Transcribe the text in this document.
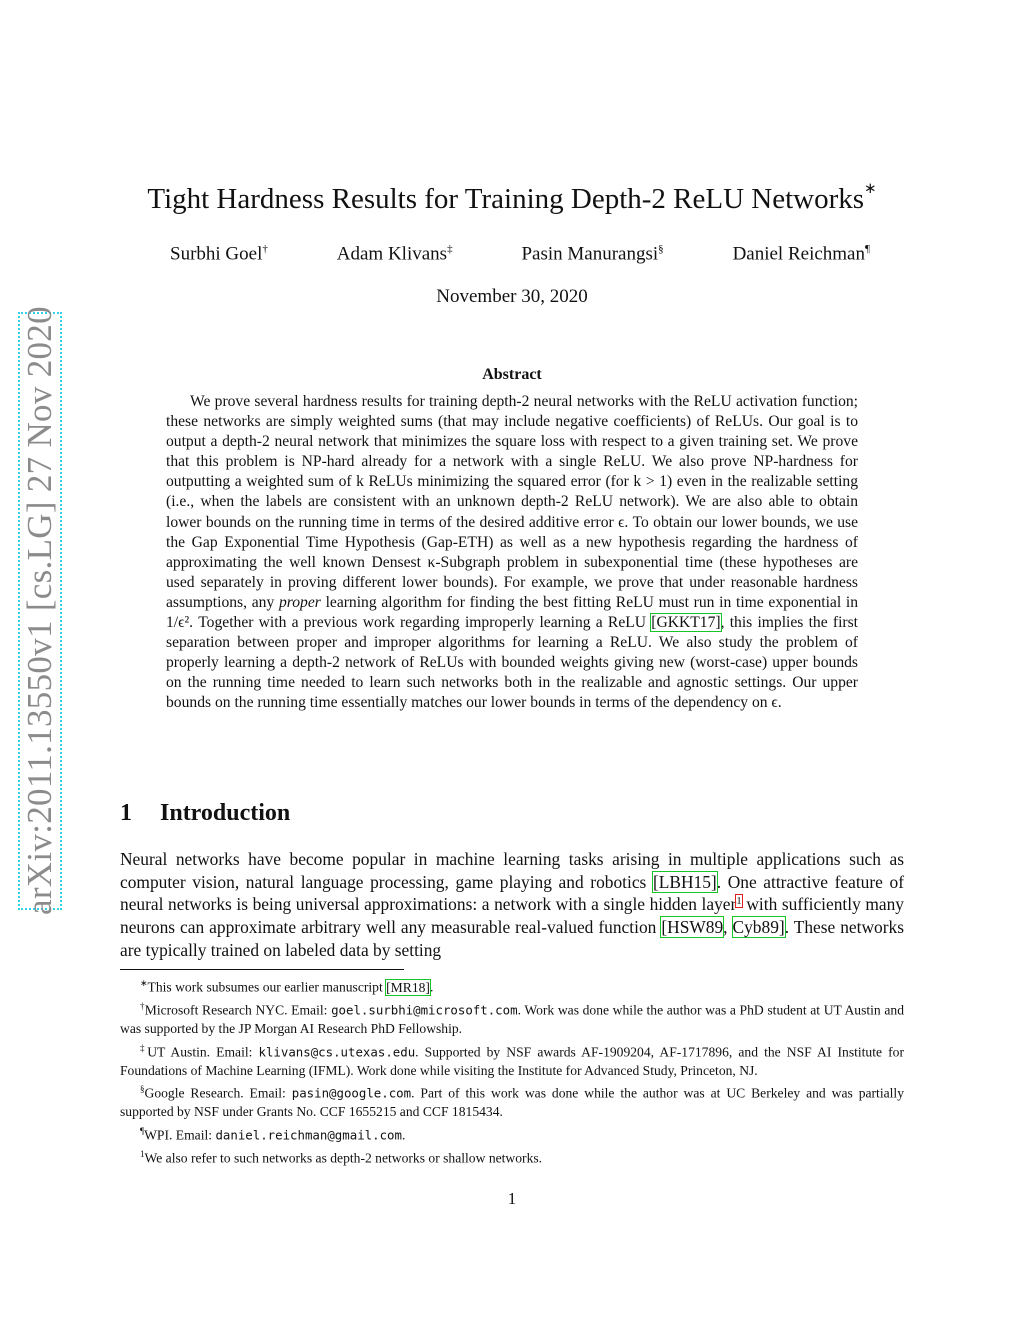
arXiv:2011.13550v1 [cs.LG] 27 Nov 2020
Tight Hardness Results for Training Depth-2 ReLU Networks∗
Surbhi Goel†	Adam Klivans‡	Pasin Manurangsi§	Daniel Reichman¶
November 30, 2020
Abstract
We prove several hardness results for training depth-2 neural networks with the ReLU activation function; these networks are simply weighted sums (that may include negative coefficients) of ReLUs. Our goal is to output a depth-2 neural network that minimizes the square loss with respect to a given training set. We prove that this problem is NP-hard already for a network with a single ReLU. We also prove NP-hardness for outputting a weighted sum of k ReLUs minimizing the squared error (for k > 1) even in the realizable setting (i.e., when the labels are consistent with an unknown depth-2 ReLU network). We are also able to obtain lower bounds on the running time in terms of the desired additive error ϵ. To obtain our lower bounds, we use the Gap Exponential Time Hypothesis (Gap-ETH) as well as a new hypothesis regarding the hardness of approximating the well known Densest κ-Subgraph problem in subexponential time (these hypotheses are used separately in proving different lower bounds). For example, we prove that under reasonable hardness assumptions, any proper learning algorithm for finding the best fitting ReLU must run in time exponential in 1/ϵ². Together with a previous work regarding improperly learning a ReLU [GKKT17], this implies the first separation between proper and improper algorithms for learning a ReLU. We also study the problem of properly learning a depth-2 network of ReLUs with bounded weights giving new (worst-case) upper bounds on the running time needed to learn such networks both in the realizable and agnostic settings. Our upper bounds on the running time essentially matches our lower bounds in terms of the dependency on ϵ.
1 Introduction
Neural networks have become popular in machine learning tasks arising in multiple applications such as computer vision, natural language processing, game playing and robotics [LBH15]. One attractive feature of neural networks is being universal approximations: a network with a single hidden layer$^1$ with sufficiently many neurons can approximate arbitrary well any measurable real-valued function [HSW89, Cyb89]. These networks are typically trained on labeled data by setting

∗This work subsumes our earlier manuscript [MR18].

†Microsoft Research NYC. Email: goel.surbhi@microsoft.com. Work was done while the author was a PhD student at UT Austin and was supported by the JP Morgan AI Research PhD Fellowship.

‡UT Austin. Email: klivans@cs.utexas.edu. Supported by NSF awards AF-1909204, AF-1717896, and the NSF AI Institute for Foundations of Machine Learning (IFML). Work done while visiting the Institute for Advanced Study, Princeton, NJ.

§Google Research. Email: pasin@google.com. Part of this work was done while the author was at UC Berkeley and was partially supported by NSF under Grants No. CCF 1655215 and CCF 1815434.

¶WPI. Email: daniel.reichman@gmail.com.

$^1$We also refer to such networks as depth-2 networks or shallow networks.

1
